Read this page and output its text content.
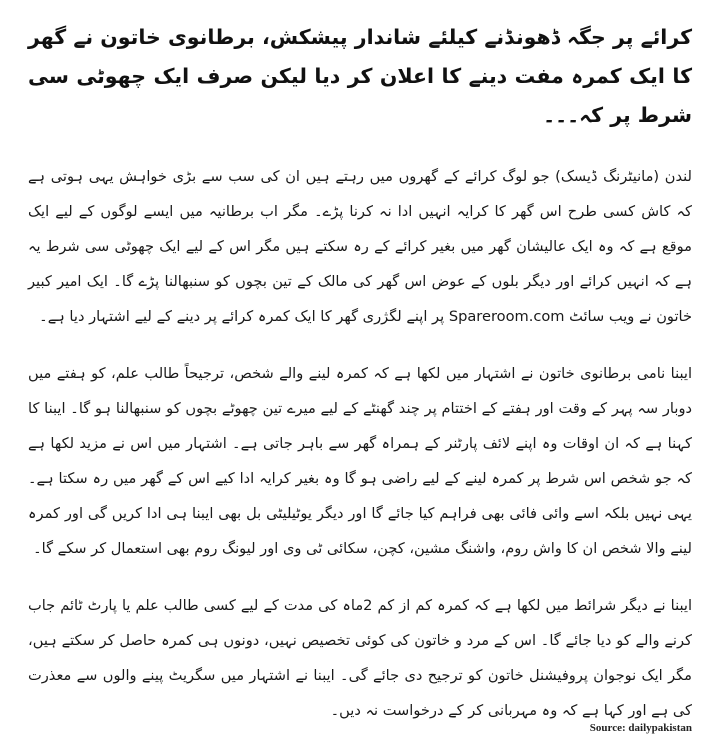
کرائے پر جگہ ڈھونڈنے کیلئے شاندار پیشکش، برطانوی خاتون نے گھر کا ایک کمرہ مفت دینے کا اعلان کر دیا لیکن صرف ایک چھوٹی سی شرط پر کہ۔۔۔

لندن (مانیٹرنگ ڈیسک) جو لوگ کرائے کے گھروں میں رہتے ہیں ان کی سب سے بڑی خواہش یہی ہوتی ہے کہ کاش کسی طرح اس گھر کا کرایہ انہیں ادا نہ کرنا پڑے۔ مگر اب برطانیہ میں ایسے لوگوں کے لیے ایک موقع ہے کہ وہ ایک عالیشان گھر میں بغیر کرائے کے رہ سکتے ہیں مگر اس کے لیے ایک چھوٹی سی شرط یہ ہے کہ انہیں کرائے اور دیگر بلوں کے عوض اس گھر کی مالک کے تین بچوں کو سنبھالنا پڑے گا۔ ایک امیر کبیر خاتون نے ویب سائٹ Spareroom.com پر اپنے لگژری گھر کا ایک کمرہ کرائے پر دینے کے لیے اشتہار دیا ہے۔

ایبنا نامی برطانوی خاتون نے اشتہار میں لکھا ہے کہ کمرہ لینے والے شخص، ترجیحاً طالب علم، کو ہفتے میں دوبار سہ پہر کے وقت اور ہفتے کے اختتام پر چند گھنٹے کے لیے میرے تین چھوٹے بچوں کو سنبھالنا ہو گا۔ ایبنا کا کہنا ہے کہ ان اوقات وہ اپنے لائف پارٹنر کے ہمراہ گھر سے باہر جاتی ہے۔ اشتہار میں اس نے مزید لکھا ہے کہ جو شخص اس شرط پر کمرہ لینے کے لیے راضی ہو گا وہ بغیر کرایہ ادا کیے اس کے گھر میں رہ سکتا ہے۔ یہی نہیں بلکہ اسے وائی فائی بھی فراہم کیا جائے گا اور دیگر یوٹیلیٹی بل بھی ایبنا ہی ادا کریں گی اور کمرہ لینے والا شخص ان کا واش روم، واشنگ مشین، کچن، سکائی ٹی وی اور لیونگ روم بھی استعمال کر سکے گا۔

ایبنا نے دیگر شرائط میں لکھا ہے کہ کمرہ کم از کم 2ماہ کی مدت کے لیے کسی طالب علم یا پارٹ ٹائم جاب کرنے والے کو دیا جائے گا۔ اس کے مرد و خاتون کی کوئی تخصیص نہیں، دونوں ہی کمرہ حاصل کر سکتے ہیں، مگر ایک نوجوان پروفیشنل خاتون کو ترجیح دی جائے گی۔ ایبنا نے اشتہار میں سگریٹ پینے والوں سے معذرت کی ہے اور کہا ہے کہ وہ مہربانی کر کے درخواست نہ دیں۔

Source: dailypakistan
